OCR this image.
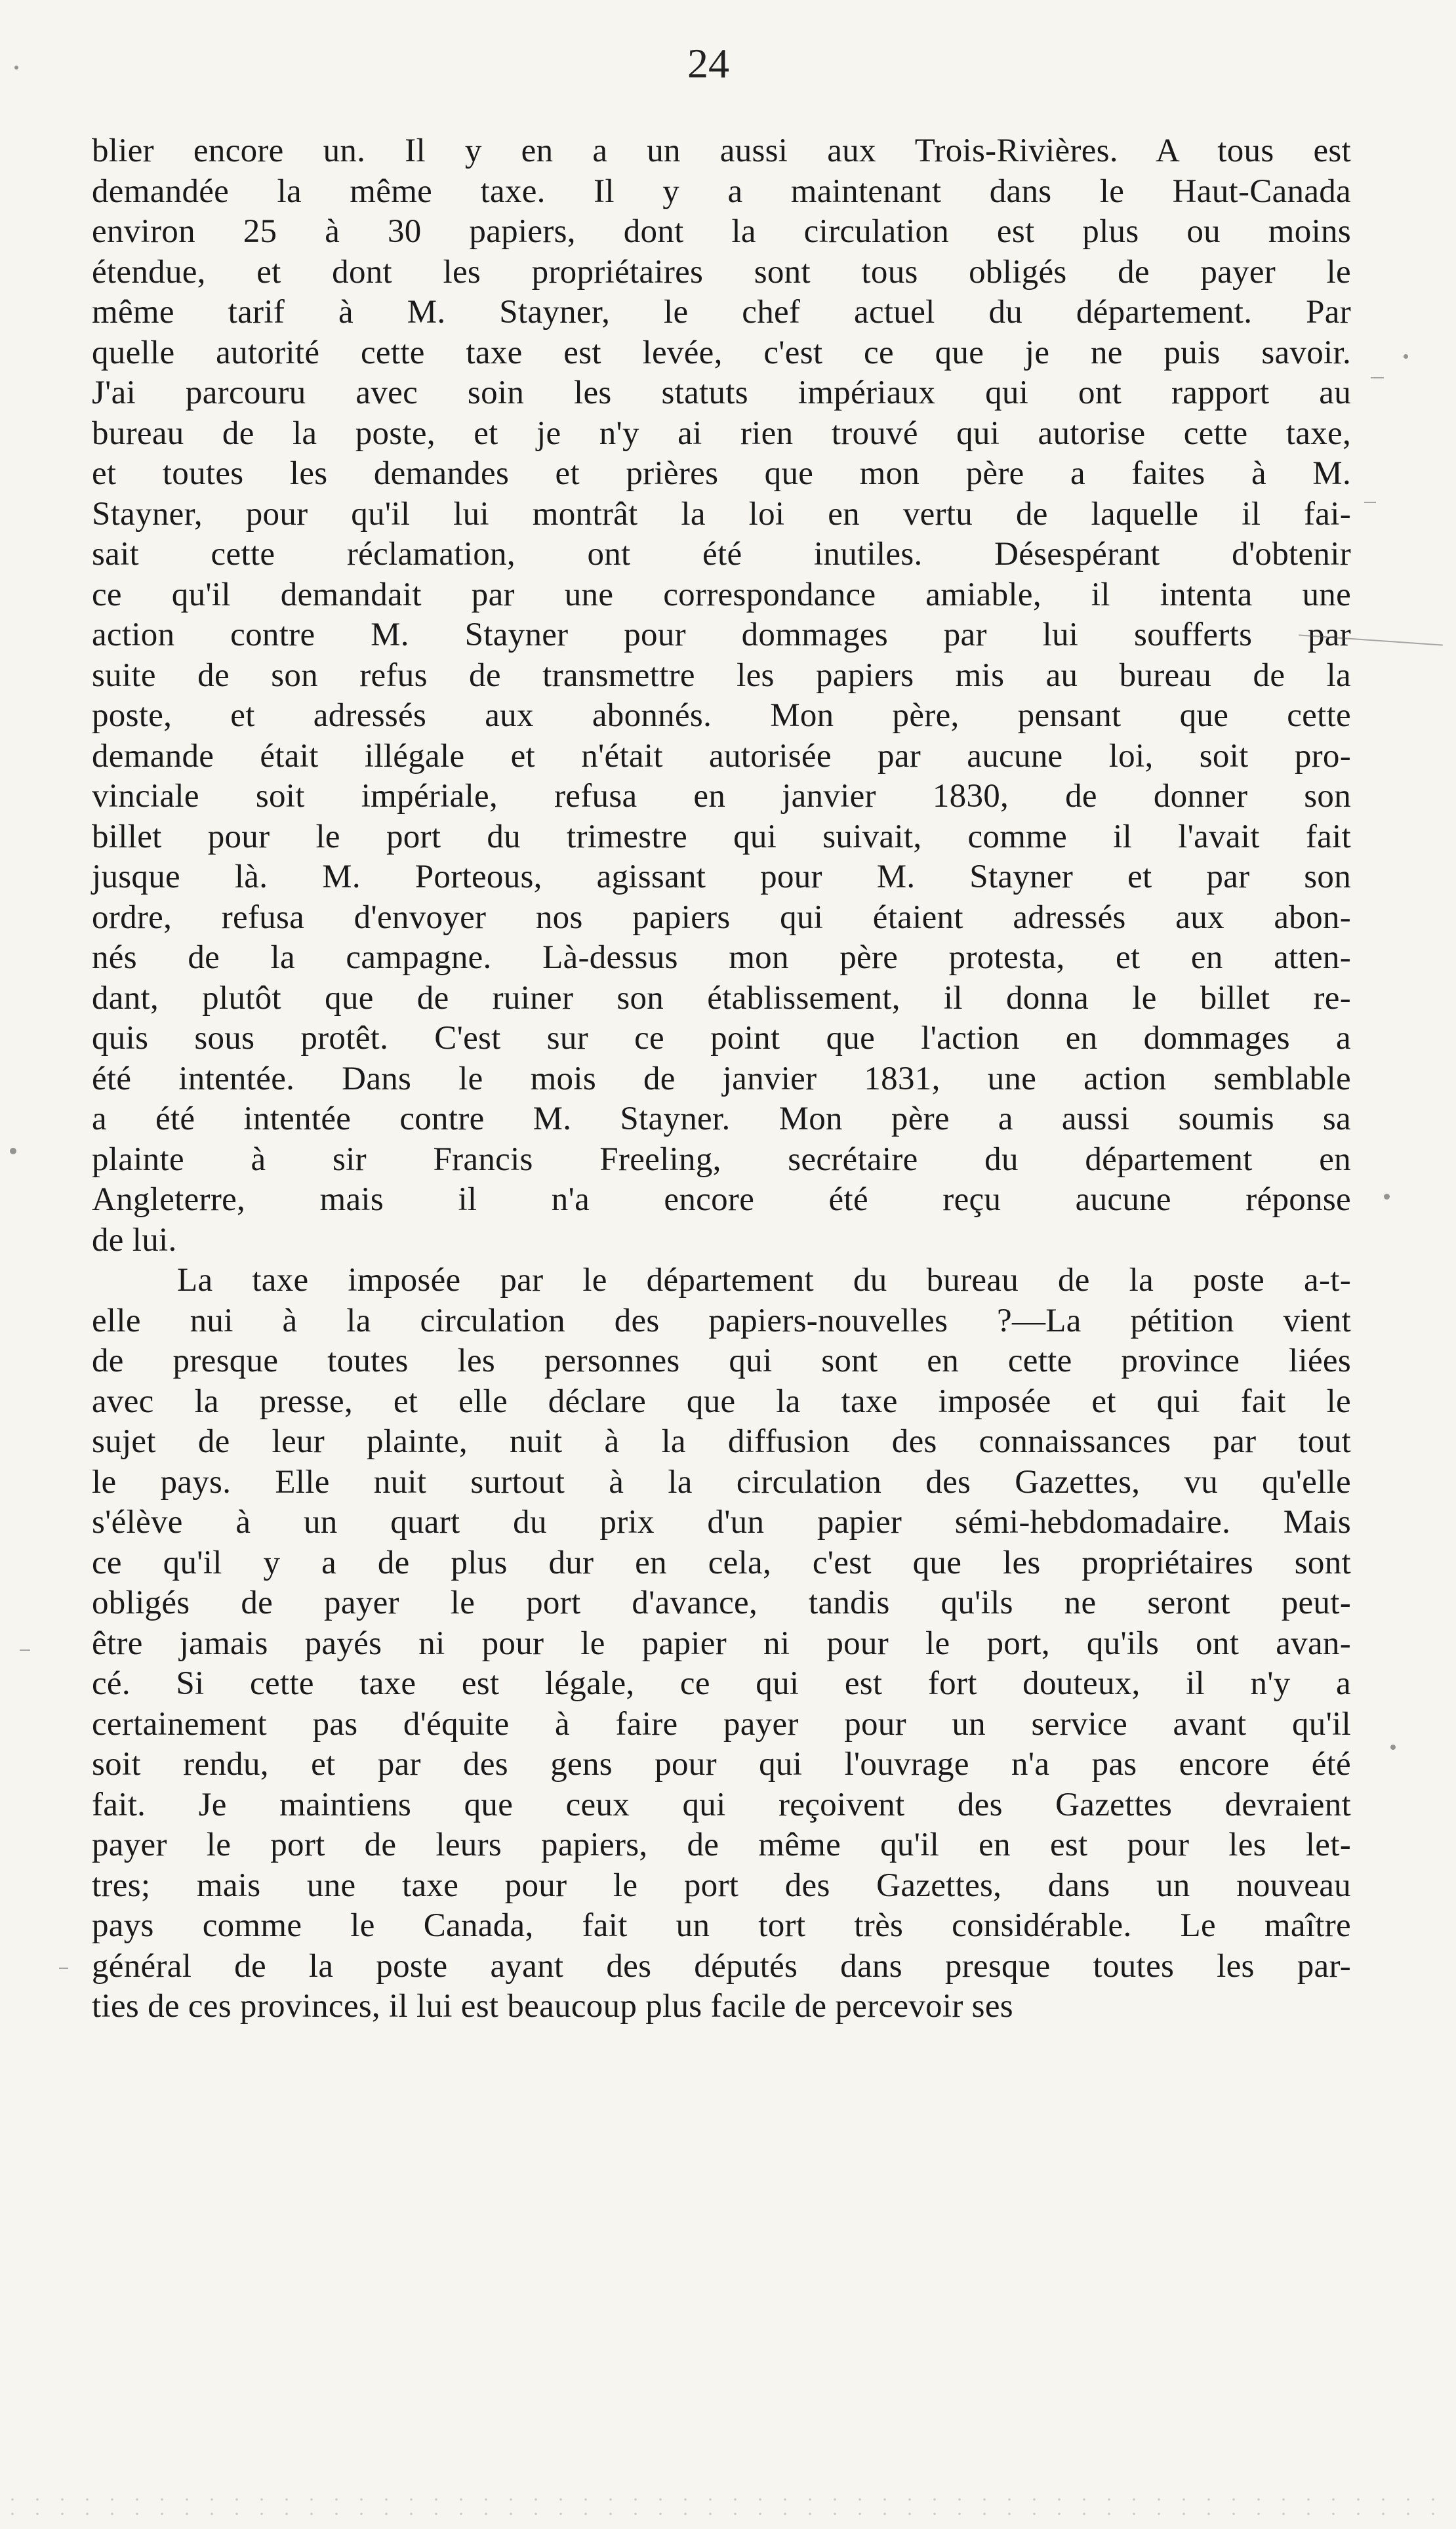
24
blier encore un. Il y en a un aussi aux Trois-Rivières. A tous est
demandée la même taxe. Il y a maintenant dans le Haut-Canada
environ 25 à 30 papiers, dont la circulation est plus ou moins
étendue, et dont les propriétaires sont tous obligés de payer le
même tarif à M. Stayner, le chef actuel du département. Par
quelle autorité cette taxe est levée, c'est ce que je ne puis savoir.
J'ai parcouru avec soin les statuts impériaux qui ont rapport au
bureau de la poste, et je n'y ai rien trouvé qui autorise cette taxe,
et toutes les demandes et prières que mon père a faites à M.
Stayner, pour qu'il lui montrât la loi en vertu de laquelle il fai-
sait cette réclamation, ont été inutiles. Désespérant d'obtenir
ce qu'il demandait par une correspondance amiable, il intenta une
action contre M. Stayner pour dommages par lui soufferts par
suite de son refus de transmettre les papiers mis au bureau de la
poste, et adressés aux abonnés. Mon père, pensant que cette
demande était illégale et n'était autorisée par aucune loi, soit pro-
vinciale soit impériale, refusa en janvier 1830, de donner son
billet pour le port du trimestre qui suivait, comme il l'avait fait
jusque là. M. Porteous, agissant pour M. Stayner et par son
ordre, refusa d'envoyer nos papiers qui étaient adressés aux abon-
nés de la campagne. Là-dessus mon père protesta, et en atten-
dant, plutôt que de ruiner son établissement, il donna le billet re-
quis sous protêt. C'est sur ce point que l'action en dommages a
été intentée. Dans le mois de janvier 1831, une action semblable
a été intentée contre M. Stayner. Mon père a aussi soumis sa
plainte à sir Francis Freeling, secrétaire du département en
Angleterre, mais il n'a encore été reçu aucune réponse
de lui.
La taxe imposée par le département du bureau de la poste a-t-
elle nui à la circulation des papiers-nouvelles ?—La pétition vient
de presque toutes les personnes qui sont en cette province liées
avec la presse, et elle déclare que la taxe imposée et qui fait le
sujet de leur plainte, nuit à la diffusion des connaissances par tout
le pays. Elle nuit surtout à la circulation des Gazettes, vu qu'elle
s'élève à un quart du prix d'un papier sémi-hebdomadaire. Mais
ce qu'il y a de plus dur en cela, c'est que les propriétaires sont
obligés de payer le port d'avance, tandis qu'ils ne seront peut-
être jamais payés ni pour le papier ni pour le port, qu'ils ont avan-
cé. Si cette taxe est légale, ce qui est fort douteux, il n'y a
certainement pas d'équite à faire payer pour un service avant qu'il
soit rendu, et par des gens pour qui l'ouvrage n'a pas encore été
fait. Je maintiens que ceux qui reçoivent des Gazettes devraient
payer le port de leurs papiers, de même qu'il en est pour les let-
tres; mais une taxe pour le port des Gazettes, dans un nouveau
pays comme le Canada, fait un tort très considérable. Le maître
général de la poste ayant des députés dans presque toutes les par-
ties de ces provinces, il lui est beaucoup plus facile de percevoir ses
